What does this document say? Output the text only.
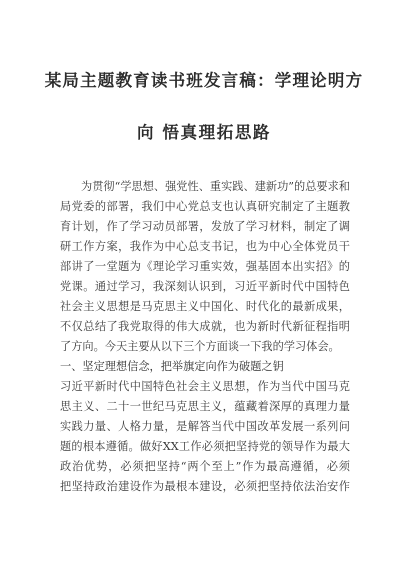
某局主题教育读书班发言稿：学理论明方
向 悟真理拓思路
为贯彻“学思想、强党性、重实践、建新功”的总要求和
局党委的部署，我们中心党总支也认真研究制定了主题教
育计划，作了学习动员部署，发放了学习材料，制定了调
研工作方案，我作为中心总支书记，也为中心全体党员干
部讲了一堂题为《理论学习重实效，强基固本出实招》的
党课。通过学习，我深刻认识到，习近平新时代中国特色
社会主义思想是马克思主义中国化、时代化的最新成果，
不仅总结了我党取得的伟大成就，也为新时代新征程指明
了方向。今天主要从以下三个方面谈一下我的学习体会。
一、坚定理想信念，把举旗定向作为破题之钥
习近平新时代中国特色社会主义思想，作为当代中国马克
思主义、二十一世纪马克思主义，蕴藏着深厚的真理力量
实践力量、人格力量，是解答当代中国改革发展一系列问
题的根本遵循。做好XX工作必须把坚持党的领导作为最大
政治优势，必须把坚持“两个至上”作为最高遵循，必须
把坚持政治建设作为最根本建设，必须把坚持依法治安作
